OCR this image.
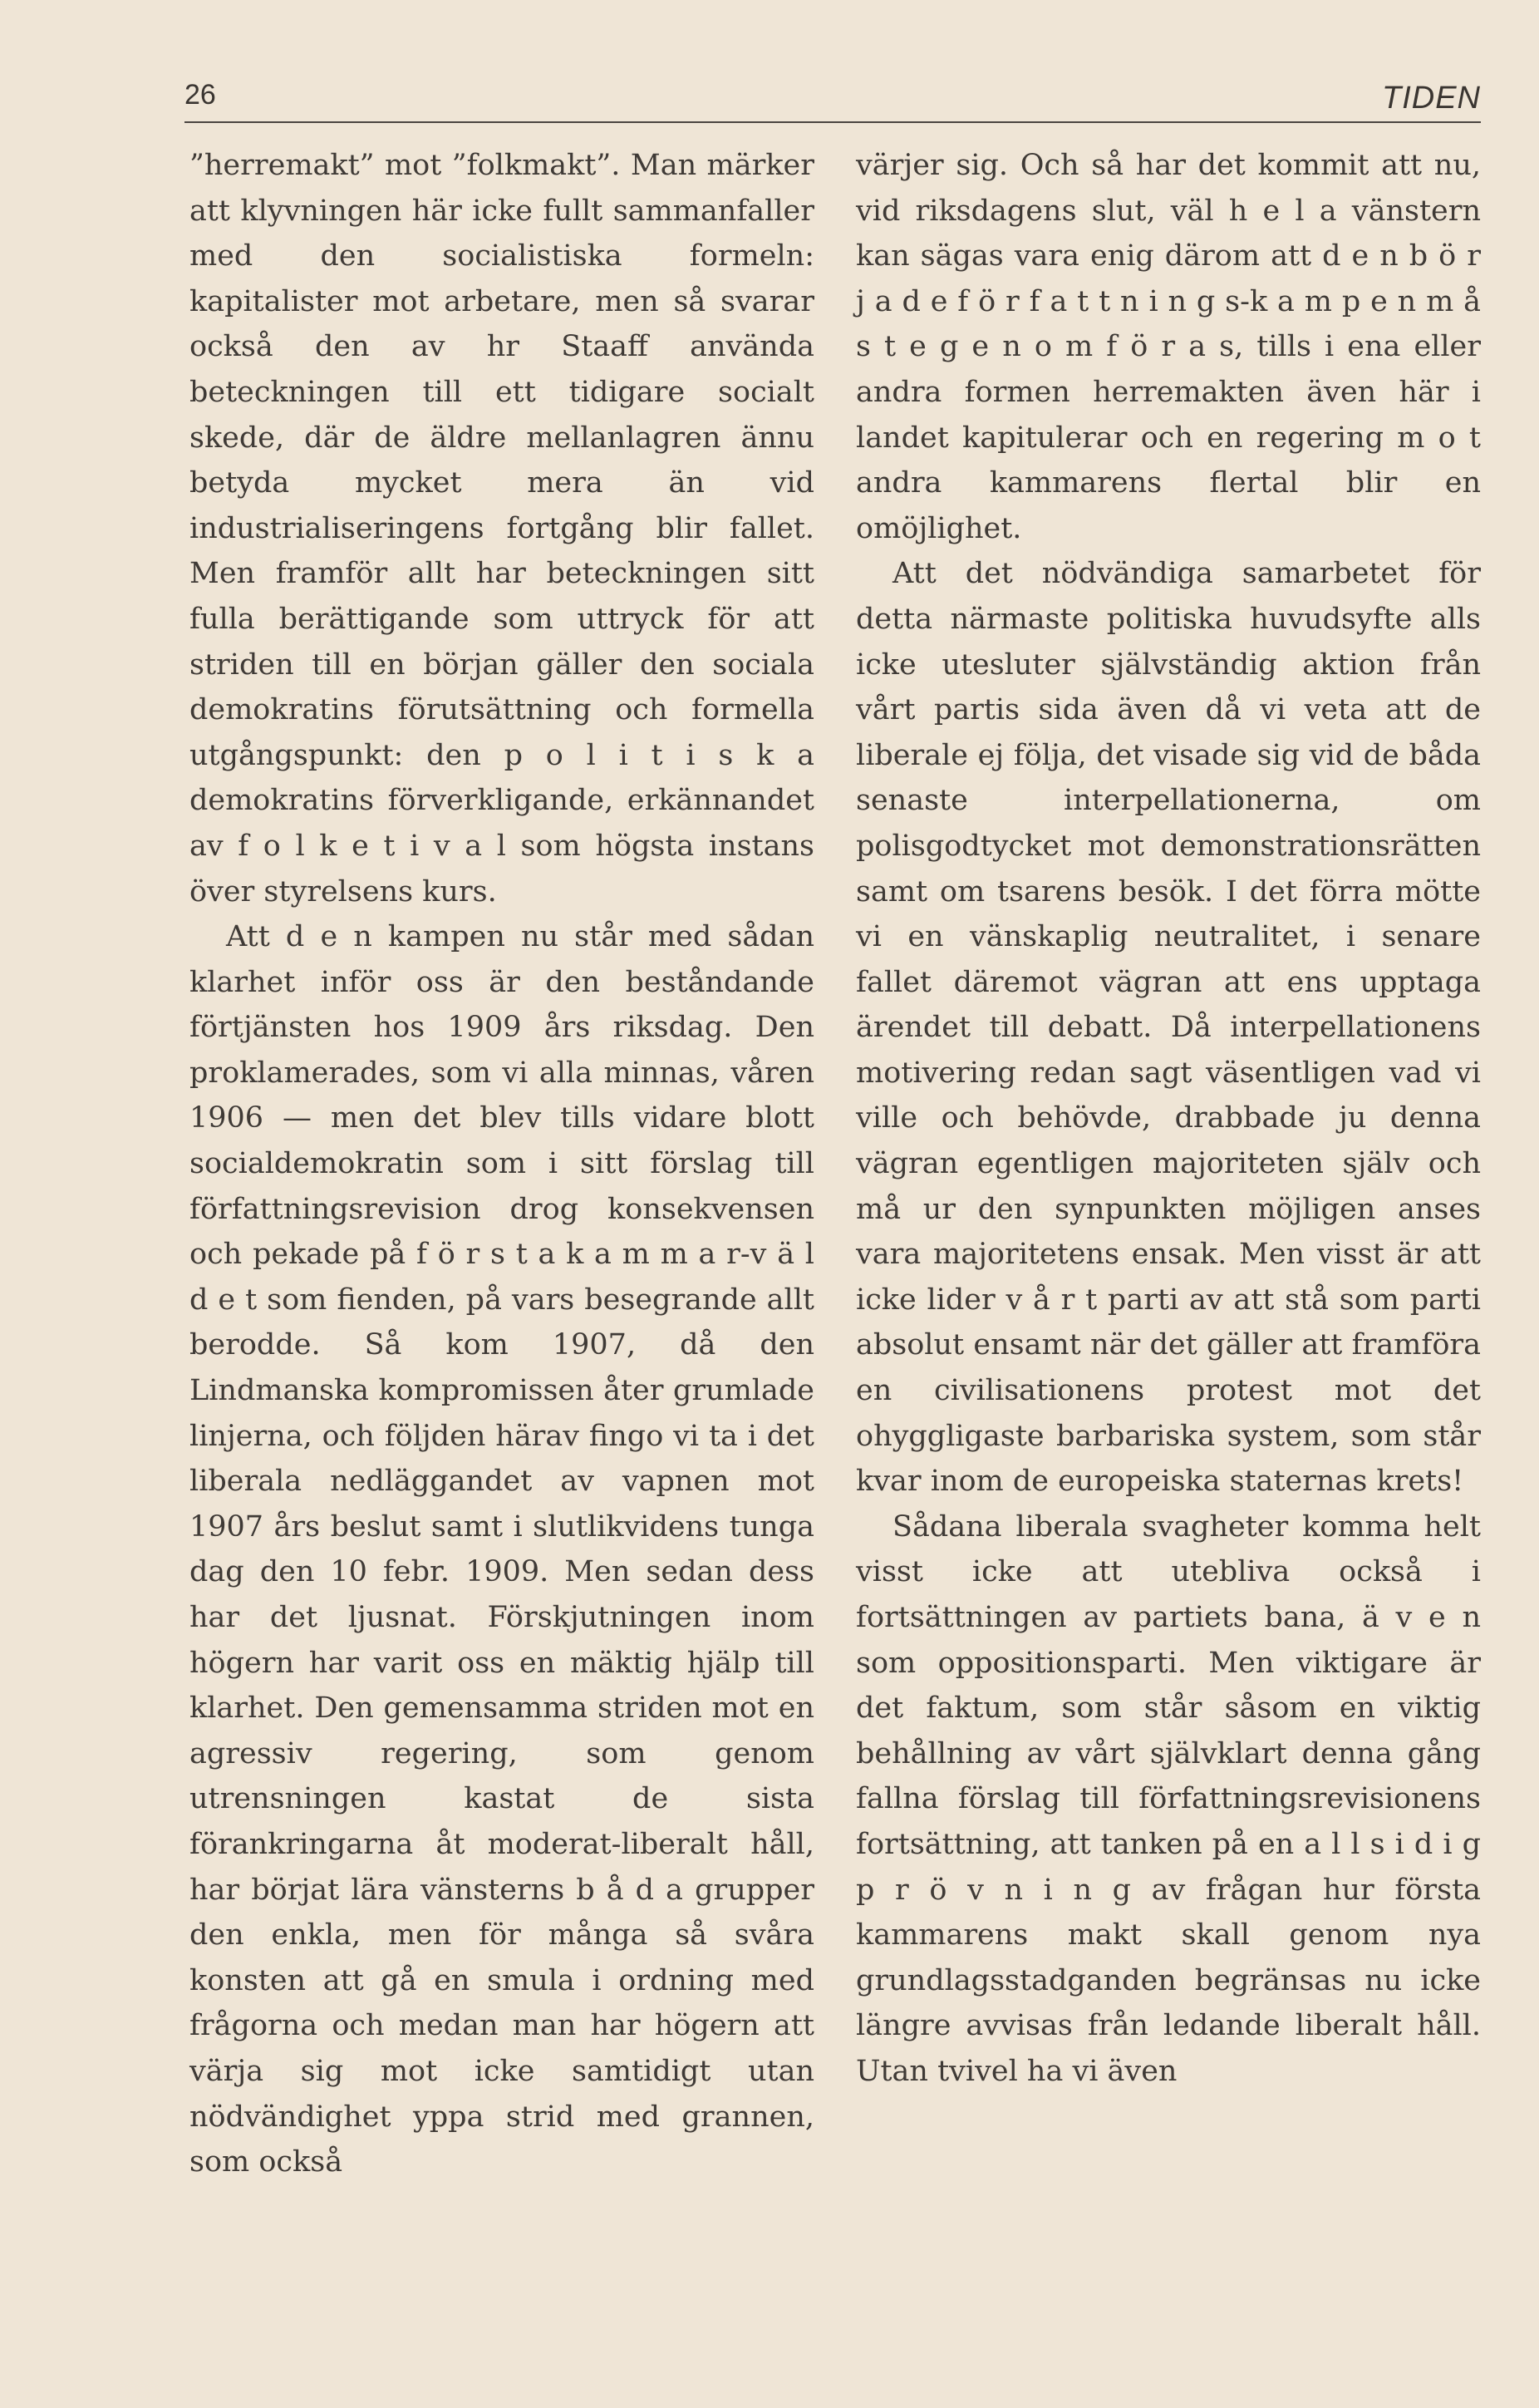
26	TIDEN

”herremakt” mot ”folkmakt”. Man märker att klyvningen här icke fullt sammanfaller med den socialistiska formeln: kapitalister mot arbetare, men så svarar också den av hr Staaff använda beteckningen till ett tidigare socialt skede, där de äldre mellanlagren ännu betyda mycket mera än vid industrialiseringens fortgång blir fallet. Men framför allt har beteckningen sitt fulla berättigande som uttryck för att striden till en början gäller den sociala demokratins förutsättning och formella utgångspunkt: den p o l i t i s k a demokratins förverkligande, erkännandet av f o l k e t i v a l som högsta instans över styrelsens kurs.

Att d e n kampen nu står med sådan klarhet inför oss är den beståndande förtjänsten hos 1909 års riksdag. Den proklamerades, som vi alla minnas, våren 1906 — men det blev tills vidare blott socialdemokratin som i sitt förslag till författningsrevision drog konsekvensen och pekade på f ö r s t a k a m m a r-v ä l d e t som fienden, på vars besegrande allt berodde. Så kom 1907, då den Lindmanska kompromissen åter grumlade linjerna, och följden härav fingo vi ta i det liberala nedläggandet av vapnen mot 1907 års beslut samt i slutlikvidens tunga dag den 10 febr. 1909. Men sedan dess har det ljusnat. Förskjutningen inom högern har varit oss en mäktig hjälp till klarhet. Den gemensamma striden mot en agressiv regering, som genom utrensningen kastat de sista förankringarna åt moderat-liberalt håll, har börjat lära vänsterns b å d a grupper den enkla, men för många så svåra konsten att gå en smula i ordning med frågorna och medan man har högern att värja sig mot icke samtidigt utan nödvändighet yppa strid med grannen, som också

värjer sig. Och så har det kommit att nu, vid riksdagens slut, väl h e l a vänstern kan sägas vara enig därom att d e n b ö r j a d e f ö r f a t t n i n g s-k a m p e n m å s t e g e n o m f ö r a s, tills i ena eller andra formen herremakten även här i landet kapitulerar och en regering m o t andra kammarens flertal blir en omöjlighet.

Att det nödvändiga samarbetet för detta närmaste politiska huvudsyfte alls icke utesluter självständig aktion från vårt partis sida även då vi veta att de liberale ej följa, det visade sig vid de båda senaste interpellationerna, om polisgodtycket mot demonstrationsrätten samt om tsarens besök. I det förra mötte vi en vänskaplig neutralitet, i senare fallet däremot vägran att ens upptaga ärendet till debatt. Då interpellationens motivering redan sagt väsentligen vad vi ville och behövde, drabbade ju denna vägran egentligen majoriteten själv och må ur den synpunkten möjligen anses vara majoritetens ensak. Men visst är att icke lider v å r t parti av att stå som parti absolut ensamt när det gäller att framföra en civilisationens protest mot det ohyggligaste barbariska system, som står kvar inom de europeiska staternas krets!

Sådana liberala svagheter komma helt visst icke att utebliva också i fortsättningen av partiets bana, ä v e n som oppositionsparti. Men viktigare är det faktum, som står såsom en viktig behållning av vårt självklart denna gång fallna förslag till författningsrevisionens fortsättning, att tanken på en a l l s i d i g p r ö v n i n g av frågan hur första kammarens makt skall genom nya grundlagsstadganden begränsas nu icke längre avvisas från ledande liberalt håll. Utan tvivel ha vi även
